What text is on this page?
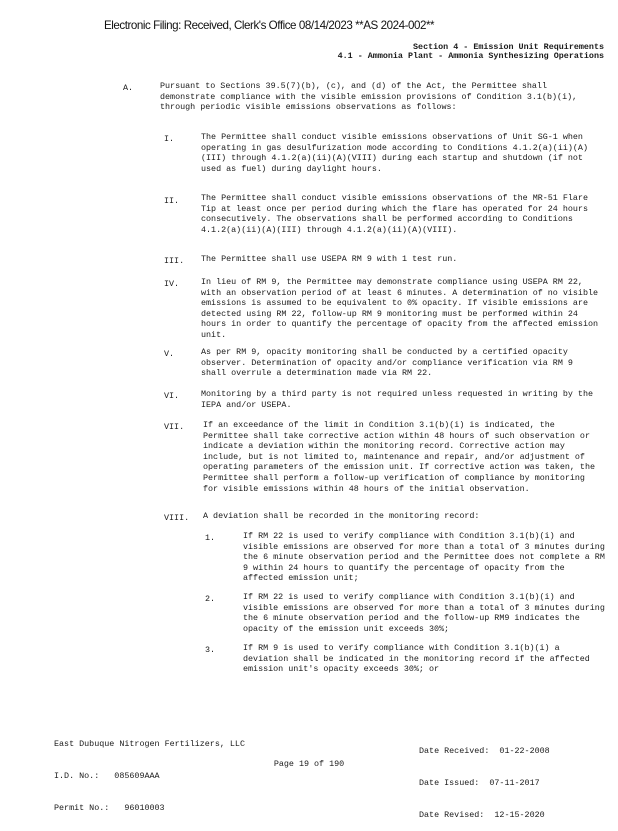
Electronic Filing: Received, Clerk's Office 08/14/2023 **AS 2024-002**
Section 4 - Emission Unit Requirements
4.1 - Ammonia Plant - Ammonia Synthesizing Operations
A.	Pursuant to Sections 39.5(7)(b), (c), and (d) of the Act, the Permittee shall demonstrate compliance with the visible emission provisions of Condition 3.1(b)(i), through periodic visible emissions observations as follows:
I.	The Permittee shall conduct visible emissions observations of Unit SG-1 when operating in gas desulfurization mode according to Conditions 4.1.2(a)(ii)(A)(III) through 4.1.2(a)(ii)(A)(VIII) during each startup and shutdown (if not used as fuel) during daylight hours.
II.	The Permittee shall conduct visible emissions observations of the MR-51 Flare Tip at least once per period during which the flare has operated for 24 hours consecutively. The observations shall be performed according to Conditions 4.1.2(a)(ii)(A)(III) through 4.1.2(a)(ii)(A)(VIII).
III. The Permittee shall use USEPA RM 9 with 1 test run.
IV.	In lieu of RM 9, the Permittee may demonstrate compliance using USEPA RM 22, with an observation period of at least 6 minutes. A determination of no visible emissions is assumed to be equivalent to 0% opacity. If visible emissions are detected using RM 22, follow-up RM 9 monitoring must be performed within 24 hours in order to quantify the percentage of opacity from the affected emission unit.
V.	As per RM 9, opacity monitoring shall be conducted by a certified opacity observer. Determination of opacity and/or compliance verification via RM 9 shall overrule a determination made via RM 22.
VI.	Monitoring by a third party is not required unless requested in writing by the IEPA and/or USEPA.
VII. If an exceedance of the limit in Condition 3.1(b)(i) is indicated, the Permittee shall take corrective action within 48 hours of such observation or indicate a deviation within the monitoring record. Corrective action may include, but is not limited to, maintenance and repair, and/or adjustment of operating parameters of the emission unit. If corrective action was taken, the Permittee shall perform a follow-up verification of compliance by monitoring for visible emissions within 48 hours of the initial observation.
VIII. A deviation shall be recorded in the monitoring record:
1.	If RM 22 is used to verify compliance with Condition 3.1(b)(i) and visible emissions are observed for more than a total of 3 minutes during the 6 minute observation period and the Permittee does not complete a RM 9 within 24 hours to quantify the percentage of opacity from the affected emission unit;
2.	If RM 22 is used to verify compliance with Condition 3.1(b)(i) and visible emissions are observed for more than a total of 3 minutes during the 6 minute observation period and the follow-up RM9 indicates the opacity of the emission unit exceeds 30%;
3.	If RM 9 is used to verify compliance with Condition 3.1(b)(i) a deviation shall be indicated in the monitoring record if the affected emission unit's opacity exceeds 30%; or

East Dubuque Nitrogen Fertilizers, LLC

I.D. No.:   085609AAA

Permit No.:   96010003

Date Received:  01-22-2008

Date Issued:  07-11-2017

Date Revised:  12-15-2020

Page 19 of 190
